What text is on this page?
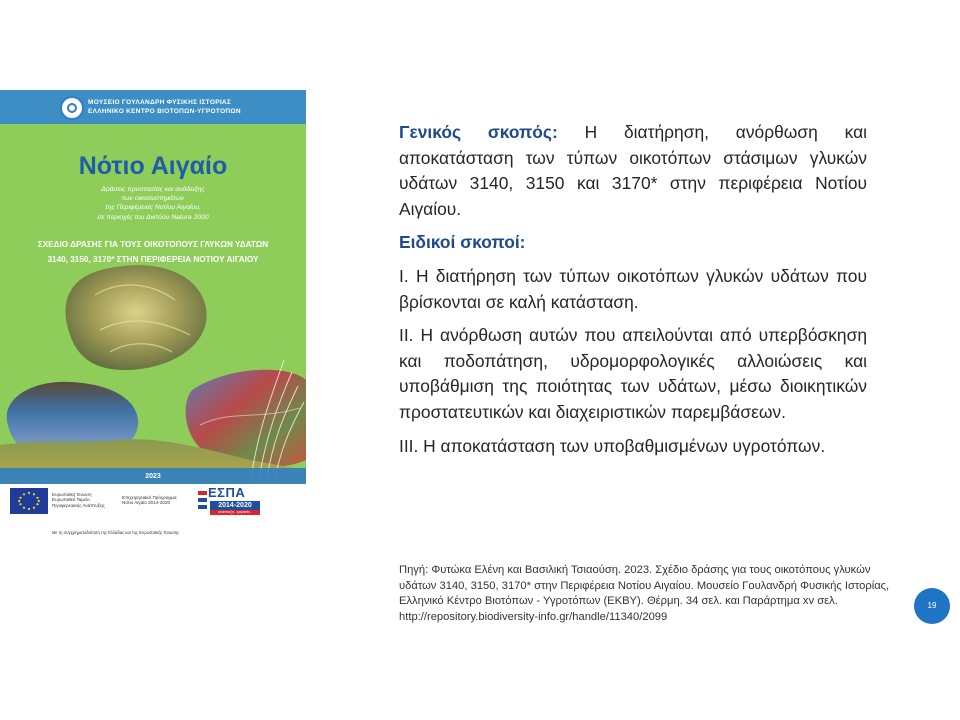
ΜΟΥΣΕΙΟ ΓΟΥΛΑΝΔΡΗ ΦΥΣΙΚΗΣ ΙΣΤΟΡΙΑΣ
ΕΛΛΗΝΙΚΟ ΚΕΝΤΡΟ ΒΙΟΤΟΠΩΝ-ΥΓΡΟΤΟΠΩΝ
Νότιο Αιγαίο
Δράσεις προστασίας και ανάδειξης
των οικοσυστημάτων
της Περιφέρειας Νοτίου Αιγαίου,
σε περιοχές του Δικτύου Natura 2000
ΣΧΕΔΙΟ ΔΡΑΣΗΣ ΓΙΑ ΤΟΥΣ ΟΙΚΟΤΟΠΟΥΣ ΓΛΥΚΩΝ ΥΔΑΤΩΝ
3140, 3150, 3170* ΣΤΗΝ ΠΕΡΙΦΕΡΕΙΑ ΝΟΤΙΟΥ ΑΙΓΑΙΟΥ
2023
Ευρωπαϊκή Ένωση
Ευρωπαϊκό Ταμείο
Περιφερειακής Ανάπτυξης
Επιχειρησιακό Πρόγραμμα
Νότιο Αιγαίο 2014-2020
ΕΣΠΑ
2014-2020
ανάπτυξη - εργασία - αλληλεγγύη
Με τη συγχρηματοδότηση της Ελλάδας και της Ευρωπαϊκής Ένωσης

Γενικός σκοπός: Η διατήρηση, ανόρθωση και αποκατάσταση των τύπων οικοτόπων στάσιμων γλυκών υδάτων 3140, 3150 και 3170* στην περιφέρεια Νοτίου Αιγαίου.

Ειδικοί σκοποί:

I. Η διατήρηση των τύπων οικοτόπων γλυκών υδάτων που βρίσκονται σε καλή κατάσταση.

II. Η ανόρθωση αυτών που απειλούνται από υπερβόσκηση και ποδοπάτηση, υδρομορφολογικές αλλοιώσεις και υποβάθμιση της ποιότητας των υδάτων, μέσω διοικητικών προστατευτικών και διαχειριστικών παρεμβάσεων.

III. Η αποκατάσταση των υποβαθμισμένων υγροτόπων.

Πηγή: Φυτώκα Ελένη και Βασιλική Τσιαούση. 2023. Σχέδιο δράσης για τους οικοτόπους γλυκών υδάτων 3140, 3150, 3170* στην Περιφέρεια Νοτίου Αιγαίου. Μουσείο Γουλανδρή Φυσικής Ιστορίας, Ελληνικό Κέντρο Βιοτόπων - Υγροτόπων (ΕΚΒΥ). Θέρμη. 34 σελ. και Παράρτημα xv σελ. http://repository.biodiversity-info.gr/handle/11340/2099
19
